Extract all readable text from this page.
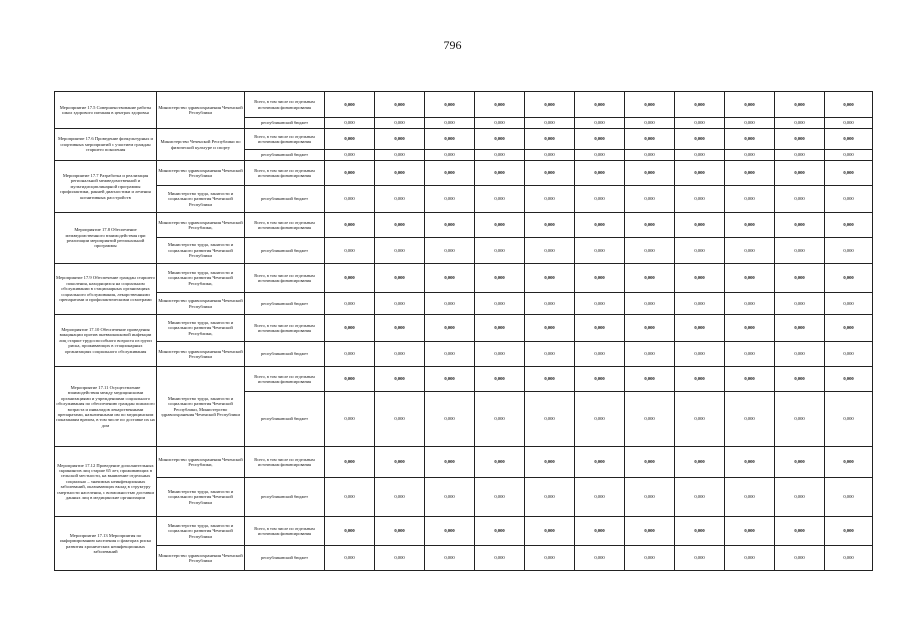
796
Мероприятие 17.5 Совершенствование работы школ здорового питания в центрах здоровья	Министерство здравоохранения Чеченской Республики	Всего, в том числе по отдельным источникам финансирования	0,000	0,000	0,000	0,000	0,000	0,000	0,000	0,000	0,000	0,000	0,000
		республиканский бюджет	0,000	0,000	0,000	0,000	0,000	0,000	0,000	0,000	0,000	0,000	0,000
Мероприятие 17.6 Проведение физкультурных и спортивных мероприятий с участием граждан старшего поколения	Министерство Чеченской Республики по физической культуре и спорту	Всего, в том числе по отдельным источникам финансирования	0,000	0,000	0,000	0,000	0,000	0,000	0,000	0,000	0,000	0,000	0,000
		республиканский бюджет	0,000	0,000	0,000	0,000	0,000	0,000	0,000	0,000	0,000	0,000	0,000
Мероприятие 17.7 Разработка и реализация региональной межведомственной и мультидисциплинарной программы профилактики, ранней диагностики и лечения когнитивных расстройств	Министерство здравоохранения Чеченской Республики	Всего, в том числе по отдельным источникам финансирования	0,000	0,000	0,000	0,000	0,000	0,000	0,000	0,000	0,000	0,000	0,000
	Министерство труда, занятости и социального развития Чеченской Республики	республиканский бюджет	0,000	0,000	0,000	0,000	0,000	0,000	0,000	0,000	0,000	0,000	0,000
Мероприятие 17.8 Обеспечение межведомственного взаимодействия при реализации мероприятий региональной программы	Министерство здравоохранения Чеченской Республики,	Всего, в том числе по отдельным источникам финансирования	0,000	0,000	0,000	0,000	0,000	0,000	0,000	0,000	0,000	0,000	0,000
	Министерство труда, занятости и социального развития Чеченской Республики	республиканский бюджет	0,000	0,000	0,000	0,000	0,000	0,000	0,000	0,000	0,000	0,000	0,000
Мероприятие 17.9 Обеспечение граждан старшего поколения, находящихся на социальном обслуживании в стационарных организациях социального обслуживания, лекарственными препаратами и профилактическими осмотрами	Министерство труда, занятости и социального развития Чеченской Республики,	Всего, в том числе по отдельным источникам финансирования	0,000	0,000	0,000	0,000	0,000	0,000	0,000	0,000	0,000	0,000	0,000
	Министерство здравоохранения Чеченской Республики	республиканский бюджет	0,000	0,000	0,000	0,000	0,000	0,000	0,000	0,000	0,000	0,000	0,000
Мероприятие 17.10 Обеспечение проведения вакцинации против пневмококковой инфекции лиц старше трудоспособного возраста из групп риска, проживающих в стационарных организациях социального обслуживания	Министерство труда, занятости и социального развития Чеченской Республики,	Всего, в том числе по отдельным источникам финансирования	0,000	0,000	0,000	0,000	0,000	0,000	0,000	0,000	0,000	0,000	0,000
	Министерство здравоохранения Чеченской Республики	республиканский бюджет	0,000	0,000	0,000	0,000	0,000	0,000	0,000	0,000	0,000	0,000	0,000
Мероприятие 17.11 Осуществление взаимодействия между медицинскими организациями и учреждениями социального обслуживания по обеспечению граждан пожилого возраста и инвалидов лекарственными препаратами, назначенными им по медицинским показаниям врачом, в том числе по доставке их на дом	Министерство труда, занятости и социального развития Чеченской Республики, Министерство здравоохранения Чеченской Республики	Всего, в том числе по отдельным источникам финансирования	0,000	0,000	0,000	0,000	0,000	0,000	0,000	0,000	0,000	0,000	0,000
		республиканский бюджет	0,000	0,000	0,000	0,000	0,000	0,000	0,000	0,000	0,000	0,000	0,000
Мероприятие 17.12 Проведение дополнительных скринингов лиц старше 65 лет, проживающих в сельской местности, на выявление отдельных социально – значимых неинфекционных заболеваний, оказывающих вклад в структуру смертности населения, с возможностью доставки данных лиц в медицинские организации	Министерство здравоохранения Чеченской Республики,	Всего, в том числе по отдельным источникам финансирования	0,000	0,000	0,000	0,000	0,000	0,000	0,000	0,000	0,000	0,000	0,000
	Министерство труда, занятости и социального развития Чеченской Республики	республиканский бюджет	0,000	0,000	0,000	0,000	0,000	0,000	0,000	0,000	0,000	0,000	0,000
Мероприятие 17.13 Мероприятия по информированию населения о факторах риска развития хронических неинфекционных заболеваний	Министерство труда, занятости и социального развития Чеченской Республики	Всего, в том числе по отдельным источникам финансирования	0,000	0,000	0,000	0,000	0,000	0,000	0,000	0,000	0,000	0,000	0,000
	Министерство здравоохранения Чеченской Республики	республиканский бюджет	0,000	0,000	0,000	0,000	0,000	0,000	0,000	0,000	0,000	0,000	0,000
